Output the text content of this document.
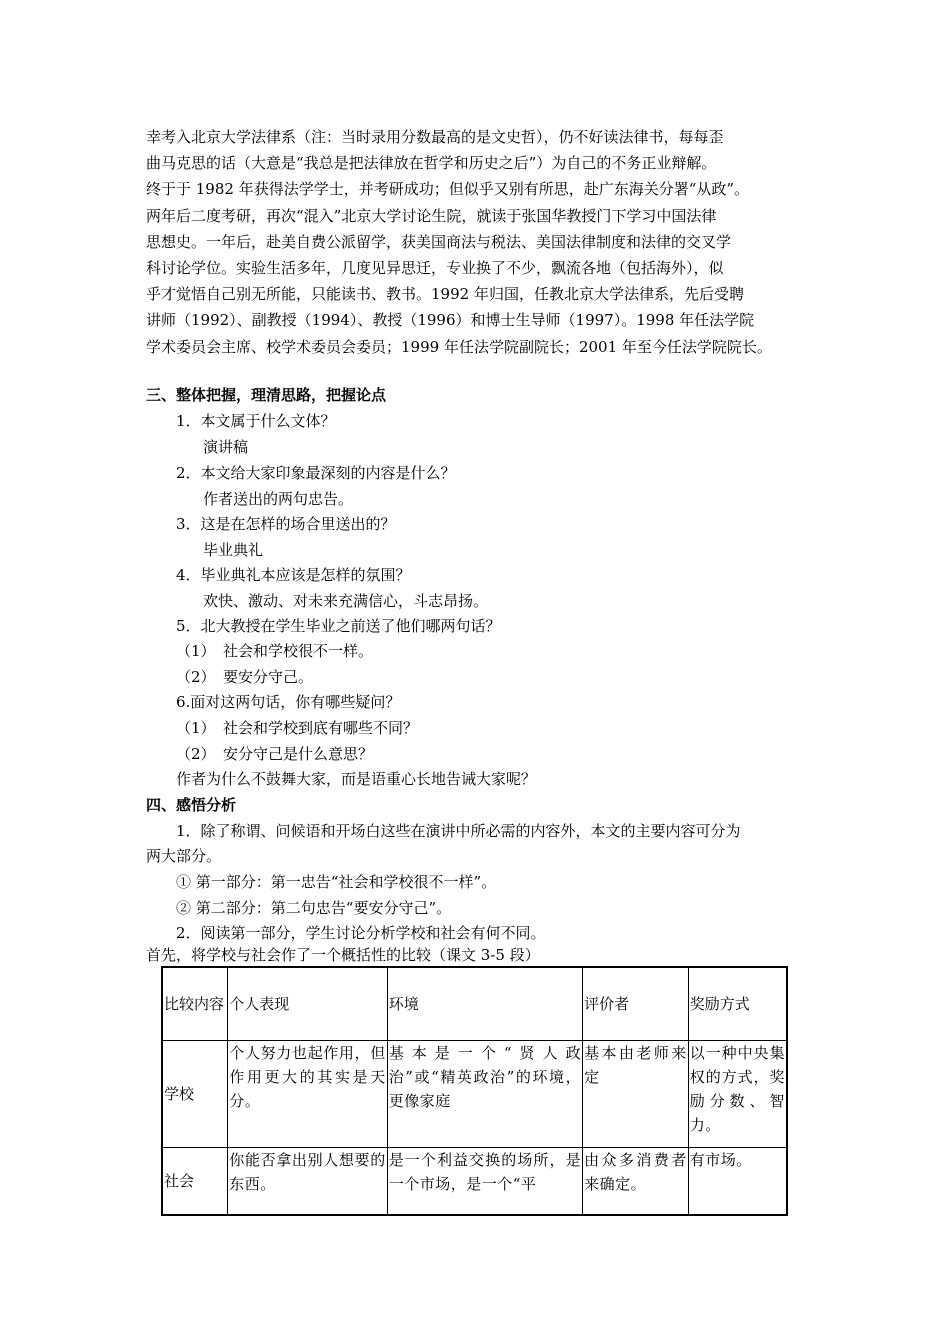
幸考入北京大学法律系（注：当时录用分数最高的是文史哲），仍不好读法律书，每每歪
曲马克思的话（大意是“我总是把法律放在哲学和历史之后”）为自己的不务正业辩解。
终于于 1982 年获得法学学士，并考研成功；但似乎又别有所思，赴广东海关分署“从政”。
两年后二度考研，再次“混入”北京大学讨论生院，就读于张国华教授门下学习中国法律
思想史。一年后，赴美自费公派留学，获美国商法与税法、美国法律制度和法律的交叉学
科讨论学位。实验生活多年，几度见异思迁，专业换了不少，飘流各地（包括海外），似
乎才觉悟自己别无所能，只能读书、教书。1992 年归国，任教北京大学法律系，先后受聘
讲师（1992）、副教授（1994）、教授（1996）和博士生导师（1997）。1998 年任法学院
学术委员会主席、校学术委员会委员；1999 年任法学院副院长；2001 年至今任法学院院长。
三、整体把握，理清思路，把握论点
1．本文属于什么文体？
演讲稿
2．本文给大家印象最深刻的内容是什么？
作者送出的两句忠告。
3．这是在怎样的场合里送出的？
毕业典礼
4．毕业典礼本应该是怎样的氛围？
欢快、激动、对未来充满信心，斗志昂扬。
5．北大教授在学生毕业之前送了他们哪两句话？
（1）　社会和学校很不一样。
（2）　要安分守己。
6.面对这两句话，你有哪些疑问？
（1）　社会和学校到底有哪些不同？
（2）　安分守己是什么意思？
作者为什么不鼓舞大家，而是语重心长地告诫大家呢？
四、感悟分析
1．除了称谓、问候语和开场白这些在演讲中所必需的内容外，本文的主要内容可分为
两大部分。
① 第一部分：第一忠告“社会和学校很不一样”。
② 第二部分：第二句忠告“要安分守己”。
2．阅读第一部分，学生讨论分析学校和社会有何不同。
首先，将学校与社会作了一个概括性的比较（课文 3-5 段）
比较内容	个人表现	环境	评价者	奖励方式
学校	个人努力也起作用，但作用更大的其实是天分。	基本是一个“贤人政治”或“精英政治”的环境，更像家庭	基本由老师来定	以一种中央集权的方式，奖励分数、智力。
社会	你能否拿出别人想要的东西。	是一个利益交换的场所，是一个市场，是一个“平	由众多消费者来确定。	有市场。
